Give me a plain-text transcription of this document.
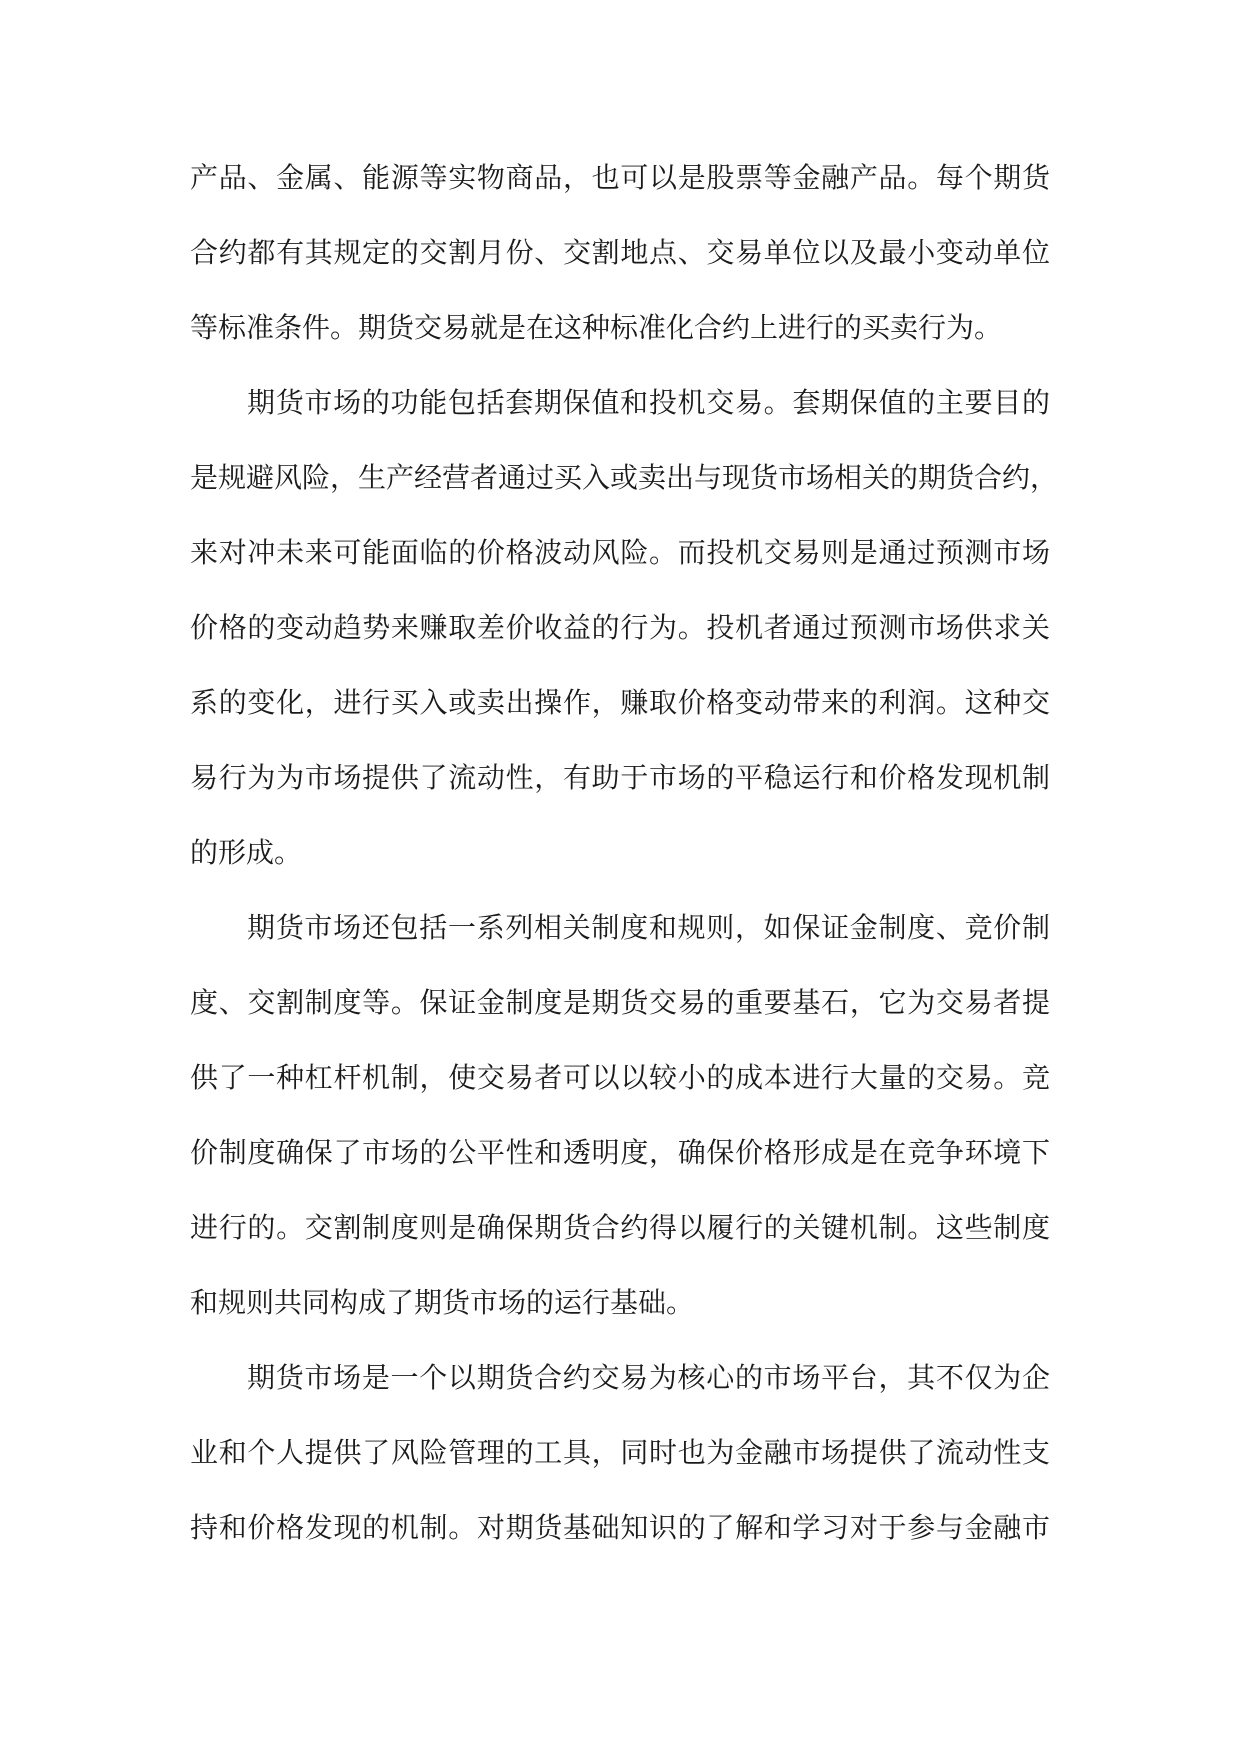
产品、金属、能源等实物商品，也可以是股票等金融产品。每个期货
合约都有其规定的交割月份、交割地点、交易单位以及最小变动单位
等标准条件。期货交易就是在这种标准化合约上进行的买卖行为。
期货市场的功能包括套期保值和投机交易。套期保值的主要目的
是规避风险，生产经营者通过买入或卖出与现货市场相关的期货合约，
来对冲未来可能面临的价格波动风险。而投机交易则是通过预测市场
价格的变动趋势来赚取差价收益的行为。投机者通过预测市场供求关
系的变化，进行买入或卖出操作，赚取价格变动带来的利润。这种交
易行为为市场提供了流动性，有助于市场的平稳运行和价格发现机制
的形成。
期货市场还包括一系列相关制度和规则，如保证金制度、竞价制
度、交割制度等。保证金制度是期货交易的重要基石，它为交易者提
供了一种杠杆机制，使交易者可以以较小的成本进行大量的交易。竞
价制度确保了市场的公平性和透明度，确保价格形成是在竞争环境下
进行的。交割制度则是确保期货合约得以履行的关键机制。这些制度
和规则共同构成了期货市场的运行基础。
期货市场是一个以期货合约交易为核心的市场平台，其不仅为企
业和个人提供了风险管理的工具，同时也为金融市场提供了流动性支
持和价格发现的机制。对期货基础知识的了解和学习对于参与金融市
